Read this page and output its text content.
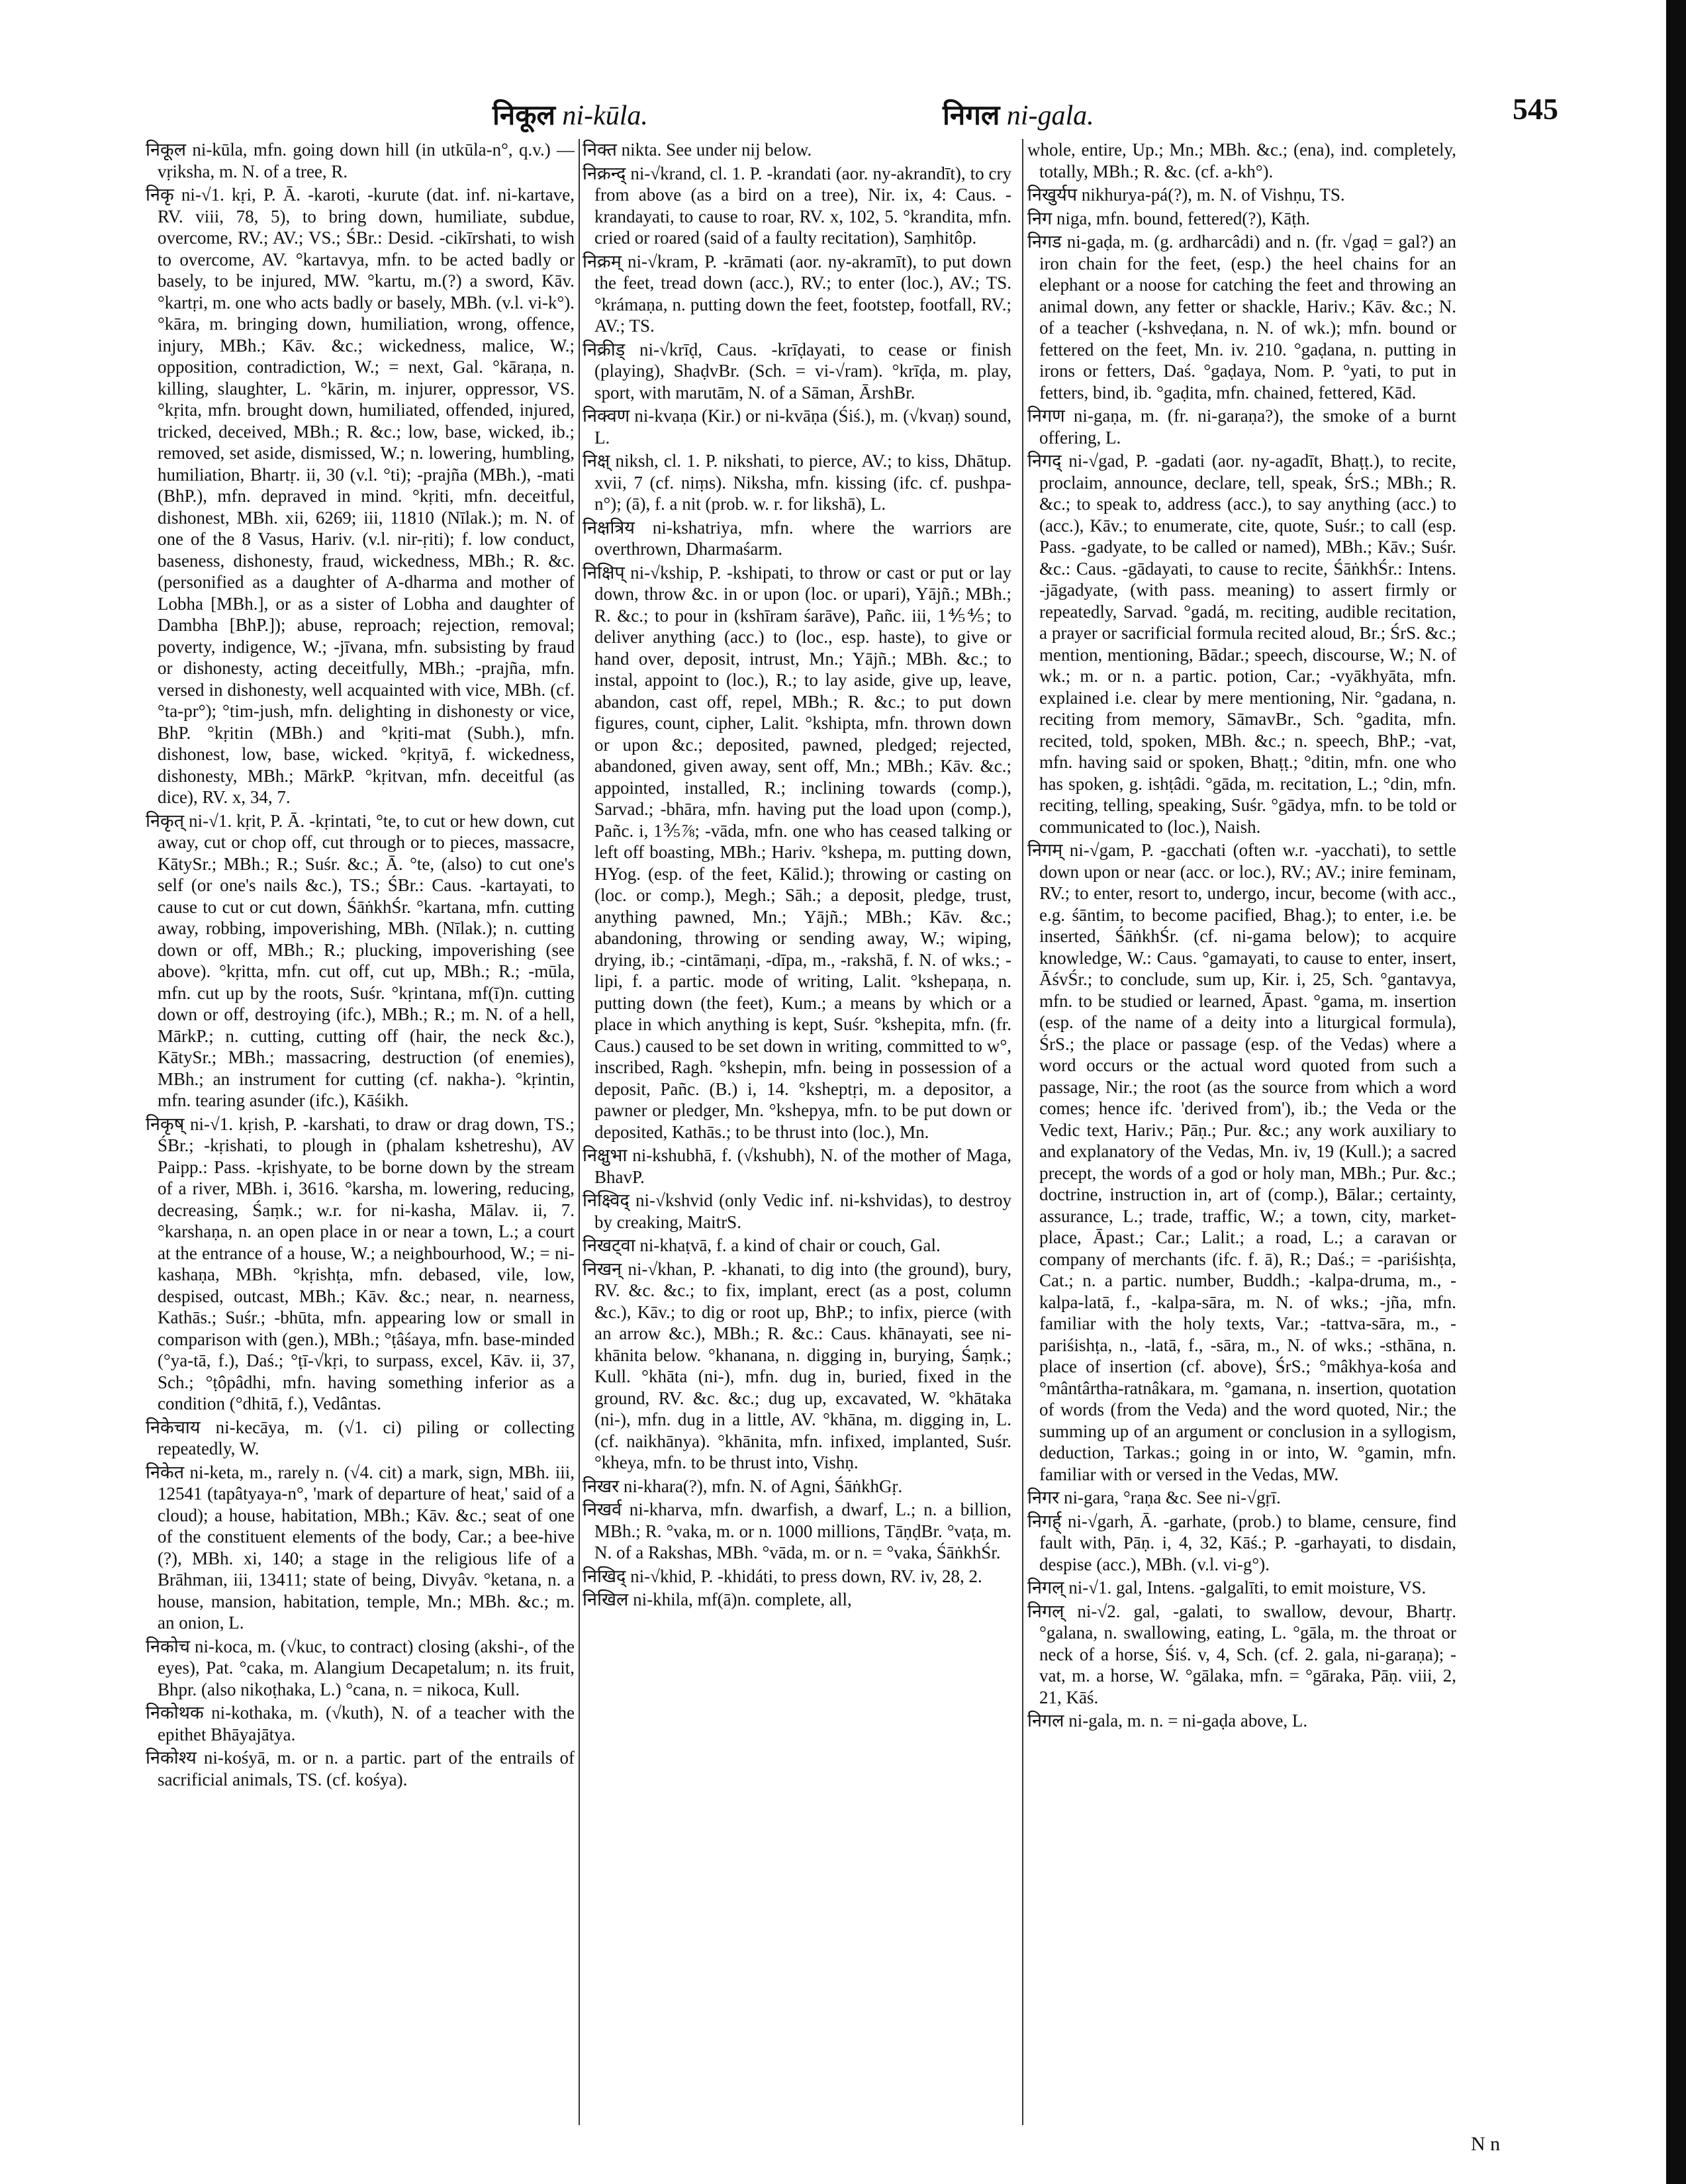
निकूल ni-kūla.	निगल ni-gala.	545

निकूल ni-kūla, mfn. going down hill (in utkūla-n°, q.v.) — vṛiksha, m. N. of a tree, R.

निकृ ni-√1. kṛi, P. Ā. -karoti, -kurute (dat. inf. ni-kartave, RV. viii, 78, 5), to bring down, humiliate, subdue, overcome, RV.; AV.; VS.; ŚBr.: Desid. -cikīrshati, to wish to overcome, AV. °kartavya, mfn. to be acted badly or basely, to be injured, MW. °kartu, m.(?) a sword, Kāv. °kartṛi, m. one who acts badly or basely, MBh. (v.l. vi-k°). °kāra, m. bringing down, humiliation, wrong, offence, injury, MBh.; Kāv. &c.; wickedness, malice, W.; opposition, contradiction, W.; = next, Gal. °kāraṇa, n. killing, slaughter, L. °kārin, m. injurer, oppressor, VS. °kṛita, mfn. brought down, humiliated, offended, injured, tricked, deceived, MBh.; R. &c.; low, base, wicked, ib.; removed, set aside, dismissed, W.; n. lowering, humbling, humiliation, Bhartṛ. ii, 30 (v.l. °ti); -prajña (MBh.), -mati (BhP.), mfn. depraved in mind. °kṛiti, mfn. deceitful, dishonest, MBh. xii, 6269; iii, 11810 (Nīlak.); m. N. of one of the 8 Vasus, Hariv. (v.l. nir-ṛiti); f. low conduct, baseness, dishonesty, fraud, wickedness, MBh.; R. &c. (personified as a daughter of A-dharma and mother of Lobha [MBh.], or as a sister of Lobha and daughter of Dambha [BhP.]); abuse, reproach; rejection, removal; poverty, indigence, W.; -jīvana, mfn. subsisting by fraud or dishonesty, acting deceitfully, MBh.; -prajña, mfn. versed in dishonesty, well acquainted with vice, MBh. (cf. °ta-pr°); °tim-jush, mfn. delighting in dishonesty or vice, BhP. °kṛitin (MBh.) and °kṛiti-mat (Subh.), mfn. dishonest, low, base, wicked. °kṛityā, f. wickedness, dishonesty, MBh.; MārkP. °kṛitvan, mfn. deceitful (as dice), RV. x, 34, 7.

निकृत् ni-√1. kṛit, P. Ā. -kṛintati, °te, to cut or hew down, cut away, cut or chop off, cut through or to pieces, massacre, KātySr.; MBh.; R.; Suśr. &c.; Ā. °te, (also) to cut one's self (or one's nails &c.), TS.; ŚBr.: Caus. -kartayati, to cause to cut or cut down, ŚāṅkhŚr. °kartana, mfn. cutting away, robbing, impoverishing, MBh. (Nīlak.); n. cutting down or off, MBh.; R.; plucking, impoverishing (see above). °kṛitta, mfn. cut off, cut up, MBh.; R.; -mūla, mfn. cut up by the roots, Suśr. °kṛintana, mf(ī)n. cutting down or off, destroying (ifc.), MBh.; R.; m. N. of a hell, MārkP.; n. cutting, cutting off (hair, the neck &c.), KātySr.; MBh.; massacring, destruction (of enemies), MBh.; an instrument for cutting (cf. nakha-). °kṛintin, mfn. tearing asunder (ifc.), Kāśikh.

निकृष् ni-√1. kṛish, P. -karshati, to draw or drag down, TS.; ŚBr.; -kṛishati, to plough in (phalam kshetreshu), AV Paipp.: Pass. -kṛishyate, to be borne down by the stream of a river, MBh. i, 3616. °karsha, m. lowering, reducing, decreasing, Śaṃk.; w.r. for ni-kasha, Mālav. ii, 7. °karshaṇa, n. an open place in or near a town, L.; a court at the entrance of a house, W.; a neighbourhood, W.; = ni-kashaṇa, MBh. °kṛishṭa, mfn. debased, vile, low, despised, outcast, MBh.; Kāv. &c.; near, n. nearness, Kathās.; Suśr.; -bhūta, mfn. appearing low or small in comparison with (gen.), MBh.; °ṭâśaya, mfn. base-minded (°ya-tā, f.), Daś.; °ṭī-√kṛi, to surpass, excel, Kāv. ii, 37, Sch.; °ṭôpâdhi, mfn. having something inferior as a condition (°dhitā, f.), Vedântas.

निकेचाय ni-kecāya, m. (√1. ci) piling or collecting repeatedly, W.

निकेत ni-keta, m., rarely n. (√4. cit) a mark, sign, MBh. iii, 12541 (tapâtyaya-n°, 'mark of departure of heat,' said of a cloud); a house, habitation, MBh.; Kāv. &c.; seat of one of the constituent elements of the body, Car.; a bee-hive (?), MBh. xi, 140; a stage in the religious life of a Brāhman, iii, 13411; state of being, Divyâv. °ketana, n. a house, mansion, habitation, temple, Mn.; MBh. &c.; m. an onion, L.

निकोच ni-koca, m. (√kuc, to contract) closing (akshi-, of the eyes), Pat. °caka, m. Alangium Decapetalum; n. its fruit, Bhpr. (also nikoṭhaka, L.) °cana, n. = nikoca, Kull.

निकोथक ni-kothaka, m. (√kuth), N. of a teacher with the epithet Bhāyajātya.

निकोश्य ni-kośyā, m. or n. a partic. part of the entrails of sacrificial animals, TS. (cf. kośya).

निक्त nikta. See under nij below.

निक्रन्द् ni-√krand, cl. 1. P. -krandati (aor. ny-akrandīt), to cry from above (as a bird on a tree), Nir. ix, 4: Caus. -krandayati, to cause to roar, RV. x, 102, 5. °krandita, mfn. cried or roared (said of a faulty recitation), Saṃhitôp.

निक्रम् ni-√kram, P. -krāmati (aor. ny-akramīt), to put down the feet, tread down (acc.), RV.; to enter (loc.), AV.; TS. °krámaṇa, n. putting down the feet, footstep, footfall, RV.; AV.; TS.

निक्रीड् ni-√krīḍ, Caus. -krīḍayati, to cease or finish (playing), ShaḍvBr. (Sch. = vi-√ram). °krīḍa, m. play, sport, with marutām, N. of a Sāman, ĀrshBr.

निक्वण ni-kvaṇa (Kir.) or ni-kvāṇa (Śiś.), m. (√kvaṇ) sound, L.

निक्ष् niksh, cl. 1. P. nikshati, to pierce, AV.; to kiss, Dhātup. xvii, 7 (cf. niṃs). Niksha, mfn. kissing (ifc. cf. pushpa-n°); (ā), f. a nit (prob. w. r. for likshā), L.

निक्षत्रिय ni-kshatriya, mfn. where the warriors are overthrown, Dharmaśarm.

निक्षिप् ni-√kship, P. -kshipati, to throw or cast or put or lay down, throw &c. in or upon (loc. or upari), Yājñ.; MBh.; R. &c.; to pour in (kshīram śarāve), Pañc. iii, 1⅘⅘; to deliver anything (acc.) to (loc., esp. haste), to give or hand over, deposit, intrust, Mn.; Yājñ.; MBh. &c.; to instal, appoint to (loc.), R.; to lay aside, give up, leave, abandon, cast off, repel, MBh.; R. &c.; to put down figures, count, cipher, Lalit. °kshipta, mfn. thrown down or upon &c.; deposited, pawned, pledged; rejected, abandoned, given away, sent off, Mn.; MBh.; Kāv. &c.; appointed, installed, R.; inclining towards (comp.), Sarvad.; -bhāra, mfn. having put the load upon (comp.), Pañc. i, 1⅗⅞; -vāda, mfn. one who has ceased talking or left off boasting, MBh.; Hariv. °kshepa, m. putting down, HYog. (esp. of the feet, Kālid.); throwing or casting on (loc. or comp.), Megh.; Sāh.; a deposit, pledge, trust, anything pawned, Mn.; Yājñ.; MBh.; Kāv. &c.; abandoning, throwing or sending away, W.; wiping, drying, ib.; -cintāmaṇi, -dīpa, m., -rakshā, f. N. of wks.; -lipi, f. a partic. mode of writing, Lalit. °kshepaṇa, n. putting down (the feet), Kum.; a means by which or a place in which anything is kept, Suśr. °kshepita, mfn. (fr. Caus.) caused to be set down in writing, committed to w°, inscribed, Ragh. °kshepin, mfn. being in possession of a deposit, Pañc. (B.) i, 14. °ksheptṛi, m. a depositor, a pawner or pledger, Mn. °kshepya, mfn. to be put down or deposited, Kathās.; to be thrust into (loc.), Mn.

निक्षुभा ni-kshubhā, f. (√kshubh), N. of the mother of Maga, BhavP.

निक्ष्विद् ni-√kshvid (only Vedic inf. ni-kshvidas), to destroy by creaking, MaitrS.

निखट्वा ni-khaṭvā, f. a kind of chair or couch, Gal.

निखन् ni-√khan, P. -khanati, to dig into (the ground), bury, RV. &c. &c.; to fix, implant, erect (as a post, column &c.), Kāv.; to dig or root up, BhP.; to infix, pierce (with an arrow &c.), MBh.; R. &c.: Caus. khānayati, see ni-khānita below. °khanana, n. digging in, burying, Śaṃk.; Kull. °khāta (ni-), mfn. dug in, buried, fixed in the ground, RV. &c. &c.; dug up, excavated, W. °khātaka (ni-), mfn. dug in a little, AV. °khāna, m. digging in, L. (cf. naikhānya). °khānita, mfn. infixed, implanted, Suśr. °kheya, mfn. to be thrust into, Vishṇ.

निखर ni-khara(?), mfn. N. of Agni, ŚāṅkhGṛ.

निखर्व ni-kharva, mfn. dwarfish, a dwarf, L.; n. a billion, MBh.; R. °vaka, m. or n. 1000 millions, TāṇḍBr. °vaṭa, m. N. of a Rakshas, MBh. °vāda, m. or n. = °vaka, ŚāṅkhŚr.

निखिद् ni-√khid, P. -khidáti, to press down, RV. iv, 28, 2.

निखिल ni-khila, mf(ā)n. complete, all,

whole, entire, Up.; Mn.; MBh. &c.; (ena), ind. completely, totally, MBh.; R. &c. (cf. a-kh°).

निखुर्यप nikhurya-pá(?), m. N. of Vishṇu, TS.

निग niga, mfn. bound, fettered(?), Kāṭh.

निगड ni-gaḍa, m. (g. ardharcâdi) and n. (fr. √gaḍ = gal?) an iron chain for the feet, (esp.) the heel chains for an elephant or a noose for catching the feet and throwing an animal down, any fetter or shackle, Hariv.; Kāv. &c.; N. of a teacher (-kshveḍana, n. N. of wk.); mfn. bound or fettered on the feet, Mn. iv. 210. °gaḍana, n. putting in irons or fetters, Daś. °gaḍaya, Nom. P. °yati, to put in fetters, bind, ib. °gaḍita, mfn. chained, fettered, Kād.

निगण ni-gaṇa, m. (fr. ni-garaṇa?), the smoke of a burnt offering, L.

निगद् ni-√gad, P. -gadati (aor. ny-agadīt, Bhaṭṭ.), to recite, proclaim, announce, declare, tell, speak, ŚrS.; MBh.; R. &c.; to speak to, address (acc.), to say anything (acc.) to (acc.), Kāv.; to enumerate, cite, quote, Suśr.; to call (esp. Pass. -gadyate, to be called or named), MBh.; Kāv.; Suśr. &c.: Caus. -gādayati, to cause to recite, ŚāṅkhŚr.: Intens. -jāgadyate, (with pass. meaning) to assert firmly or repeatedly, Sarvad. °gadá, m. reciting, audible recitation, a prayer or sacrificial formula recited aloud, Br.; ŚrS. &c.; mention, mentioning, Bādar.; speech, discourse, W.; N. of wk.; m. or n. a partic. potion, Car.; -vyākhyāta, mfn. explained i.e. clear by mere mentioning, Nir. °gadana, n. reciting from memory, SāmavBr., Sch. °gadita, mfn. recited, told, spoken, MBh. &c.; n. speech, BhP.; -vat, mfn. having said or spoken, Bhaṭṭ.; °ditin, mfn. one who has spoken, g. ishṭâdi. °gāda, m. recitation, L.; °din, mfn. reciting, telling, speaking, Suśr. °gādya, mfn. to be told or communicated to (loc.), Naish.

निगम् ni-√gam, P. -gacchati (often w.r. -yacchati), to settle down upon or near (acc. or loc.), RV.; AV.; inire feminam, RV.; to enter, resort to, undergo, incur, become (with acc., e.g. śāntim, to become pacified, Bhag.); to enter, i.e. be inserted, ŚāṅkhŚr. (cf. ni-gama below); to acquire knowledge, W.: Caus. °gamayati, to cause to enter, insert, ĀśvŚr.; to conclude, sum up, Kir. i, 25, Sch. °gantavya, mfn. to be studied or learned, Āpast. °gama, m. insertion (esp. of the name of a deity into a liturgical formula), ŚrS.; the place or passage (esp. of the Vedas) where a word occurs or the actual word quoted from such a passage, Nir.; the root (as the source from which a word comes; hence ifc. 'derived from'), ib.; the Veda or the Vedic text, Hariv.; Pāṇ.; Pur. &c.; any work auxiliary to and explanatory of the Vedas, Mn. iv, 19 (Kull.); a sacred precept, the words of a god or holy man, MBh.; Pur. &c.; doctrine, instruction in, art of (comp.), Bālar.; certainty, assurance, L.; trade, traffic, W.; a town, city, market-place, Āpast.; Car.; Lalit.; a road, L.; a caravan or company of merchants (ifc. f. ā), R.; Daś.; = -pariśishṭa, Cat.; n. a partic. number, Buddh.; -kalpa-druma, m., -kalpa-latā, f., -kalpa-sāra, m. N. of wks.; -jña, mfn. familiar with the holy texts, Var.; -tattva-sāra, m., -pariśishṭa, n., -latā, f., -sāra, m., N. of wks.; -sthāna, n. place of insertion (cf. above), ŚrS.; °mâkhya-kośa and °mântârtha-ratnâkara, m. °gamana, n. insertion, quotation of words (from the Veda) and the word quoted, Nir.; the summing up of an argument or conclusion in a syllogism, deduction, Tarkas.; going in or into, W. °gamin, mfn. familiar with or versed in the Vedas, MW.

निगर ni-gara, °raṇa &c. See ni-√gṛī.

निगर्ह् ni-√garh, Ā. -garhate, (prob.) to blame, censure, find fault with, Pāṇ. i, 4, 32, Kāś.; P. -garhayati, to disdain, despise (acc.), MBh. (v.l. vi-g°).

निगल् ni-√1. gal, Intens. -galgalīti, to emit moisture, VS.

निगल् ni-√2. gal, -galati, to swallow, devour, Bhartṛ. °galana, n. swallowing, eating, L. °gāla, m. the throat or neck of a horse, Śiś. v, 4, Sch. (cf. 2. gala, ni-garaṇa); -vat, m. a horse, W. °gālaka, mfn. = °gāraka, Pāṇ. viii, 2, 21, Kāś.

निगल ni-gala, m. n. = ni-gaḍa above, L.

N n
